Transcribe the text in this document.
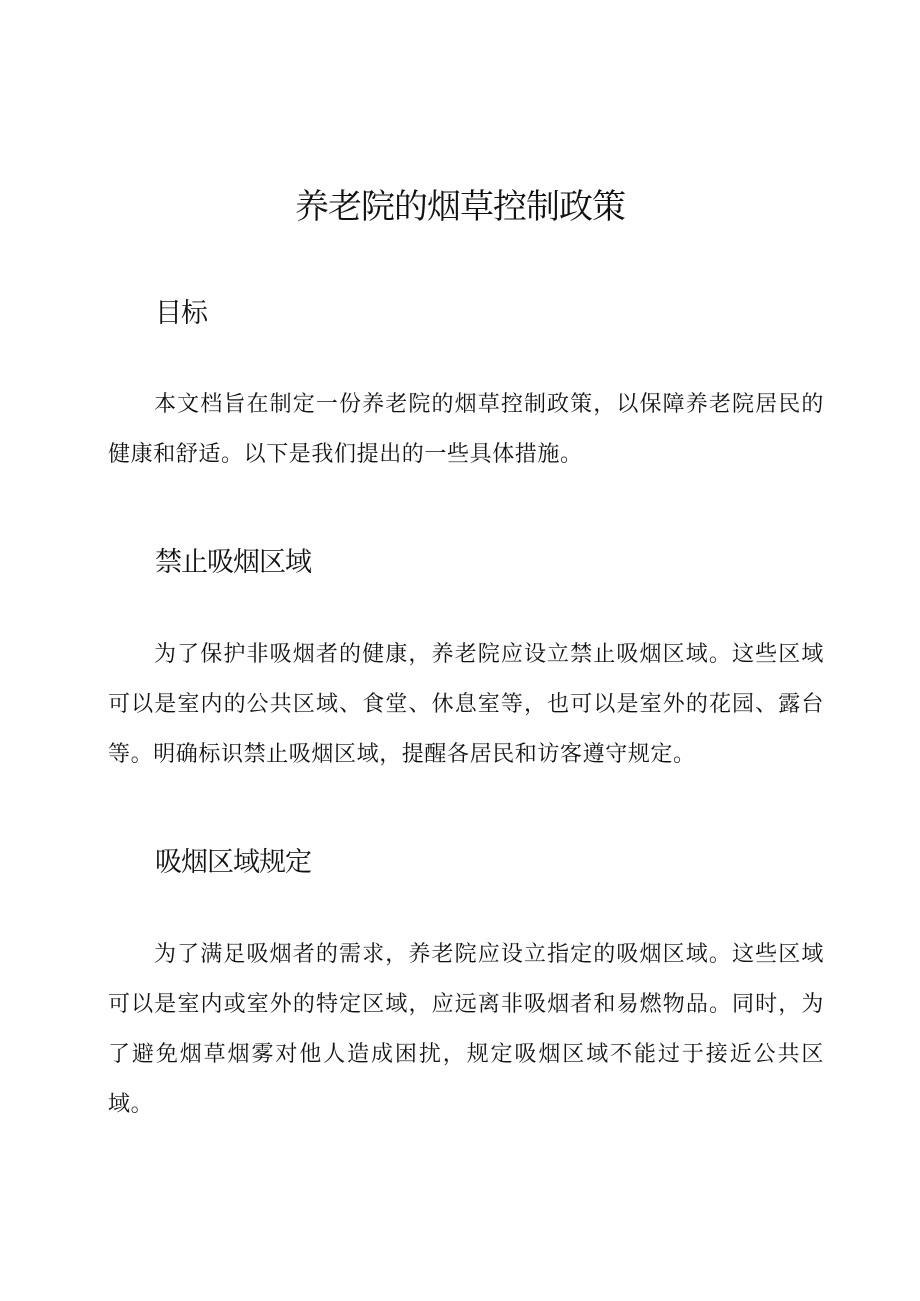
养老院的烟草控制政策
目标

本文档旨在制定一份养老院的烟草控制政策，以保障养老院居民的健康和舒适。以下是我们提出的一些具体措施。

禁止吸烟区域

为了保护非吸烟者的健康，养老院应设立禁止吸烟区域。这些区域可以是室内的公共区域、食堂、休息室等，也可以是室外的花园、露台等。明确标识禁止吸烟区域，提醒各居民和访客遵守规定。

吸烟区域规定

为了满足吸烟者的需求，养老院应设立指定的吸烟区域。这些区域可以是室内或室外的特定区域，应远离非吸烟者和易燃物品。同时，为了避免烟草烟雾对他人造成困扰，规定吸烟区域不能过于接近公共区域。
